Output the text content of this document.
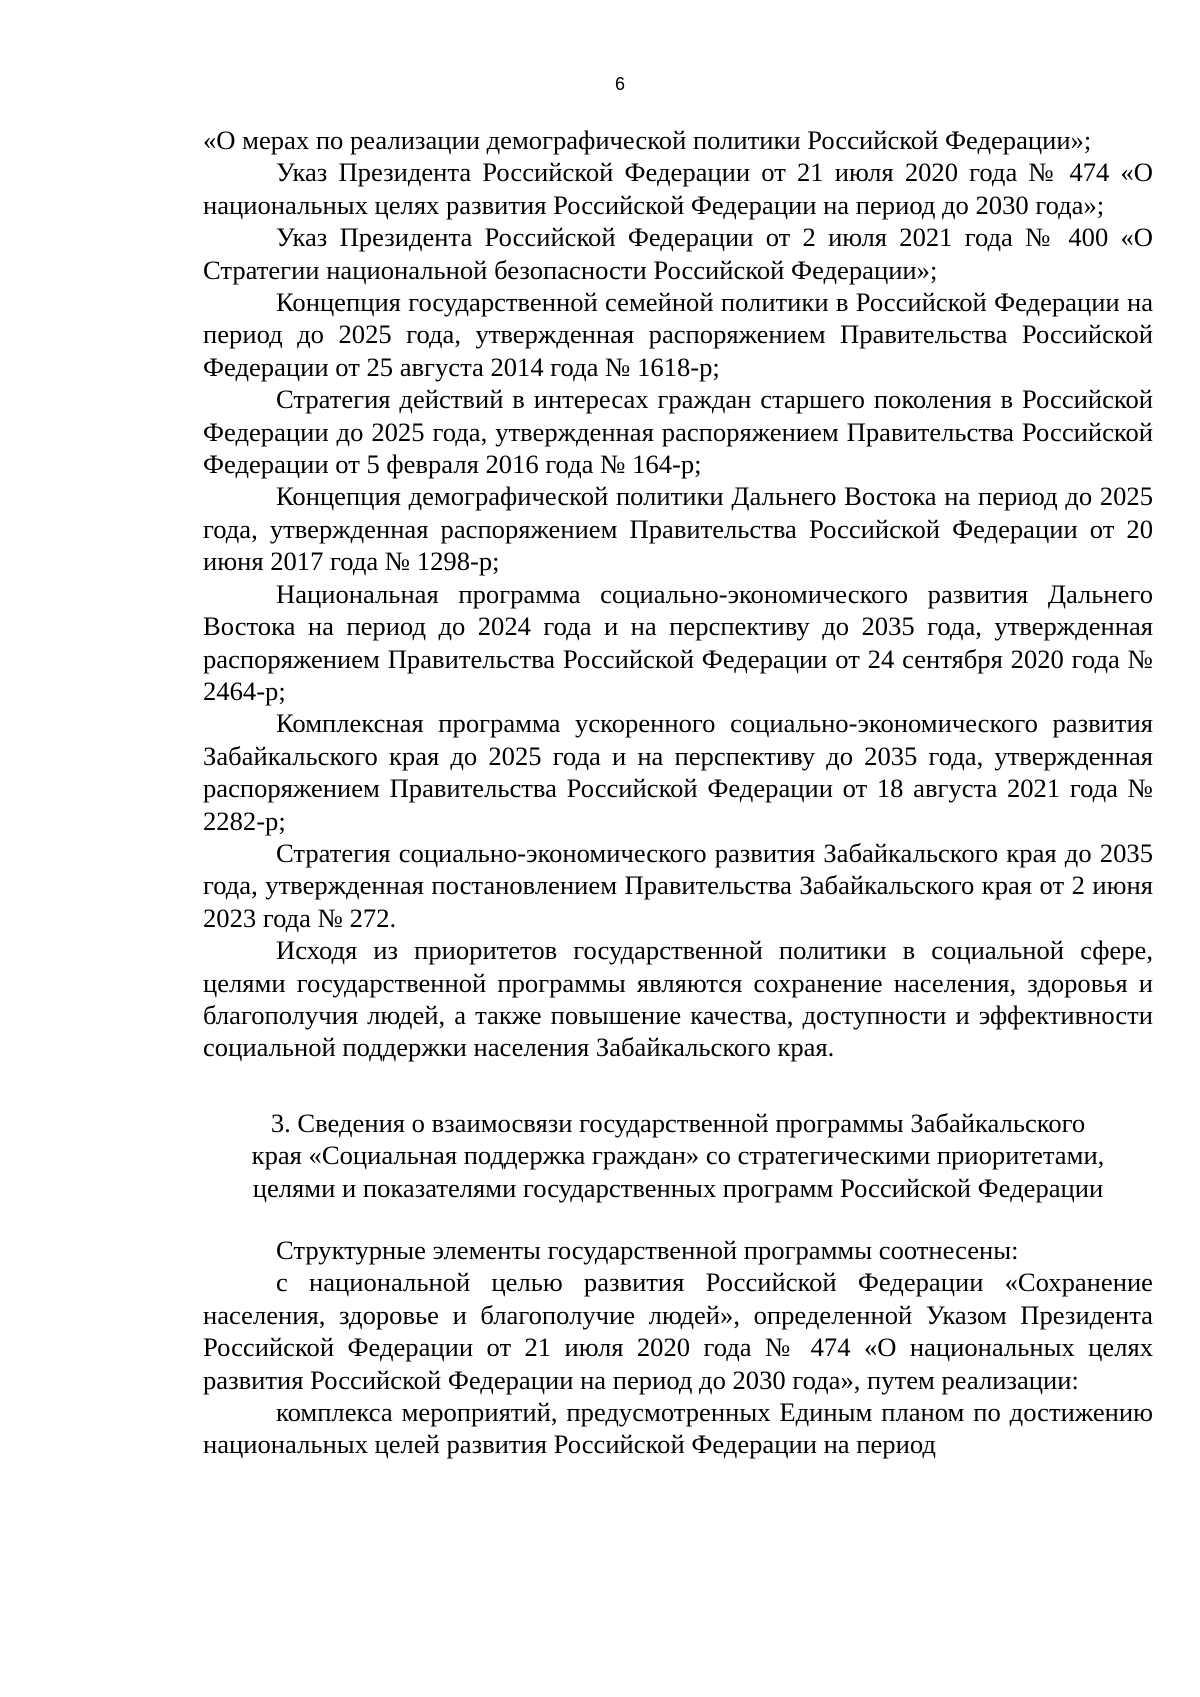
6

«О мерах по реализации демографической политики Российской Федерации»;

Указ Президента Российской Федерации от 21 июля 2020 года № 474 «О национальных целях развития Российской Федерации на период до 2030 года»;

Указ Президента Российской Федерации от 2 июля 2021 года № 400 «О Стратегии национальной безопасности Российской Федерации»;

Концепция государственной семейной политики в Российской Федерации на период до 2025 года, утвержденная распоряжением Правительства Российской Федерации от 25 августа 2014 года № 1618-р;

Стратегия действий в интересах граждан старшего поколения в Российской Федерации до 2025 года, утвержденная распоряжением Правительства Российской Федерации от 5 февраля 2016 года № 164-р;

Концепция демографической политики Дальнего Востока на период до 2025 года, утвержденная распоряжением Правительства Российской Федерации от 20 июня 2017 года № 1298-р;

Национальная программа социально-экономического развития Дальнего Востока на период до 2024 года и на перспективу до 2035 года, утвержденная распоряжением Правительства Российской Федерации от 24 сентября 2020 года № 2464-р;

Комплексная программа ускоренного социально-экономического развития Забайкальского края до 2025 года и на перспективу до 2035 года, утвержденная распоряжением Правительства Российской Федерации от 18 августа 2021 года № 2282-р;

Стратегия социально-экономического развития Забайкальского края до 2035 года, утвержденная постановлением Правительства Забайкальского края от 2 июня 2023 года № 272.

Исходя из приоритетов государственной политики в социальной сфере, целями государственной программы являются сохранение населения, здоровья и благополучия людей, а также повышение качества, доступности и эффективности социальной поддержки населения Забайкальского края.

3. Сведения о взаимосвязи государственной программы Забайкальского
края «Социальная поддержка граждан» со стратегическими приоритетами,
целями и показателями государственных программ Российской Федерации

Структурные элементы государственной программы соотнесены:

с национальной целью развития Российской Федерации «Сохранение населения, здоровье и благополучие людей», определенной Указом Президента Российской Федерации от 21 июля 2020 года № 474 «О национальных целях развития Российской Федерации на период до 2030 года», путем реализации:

комплекса мероприятий, предусмотренных Единым планом по достижению национальных целей развития Российской Федерации на период
